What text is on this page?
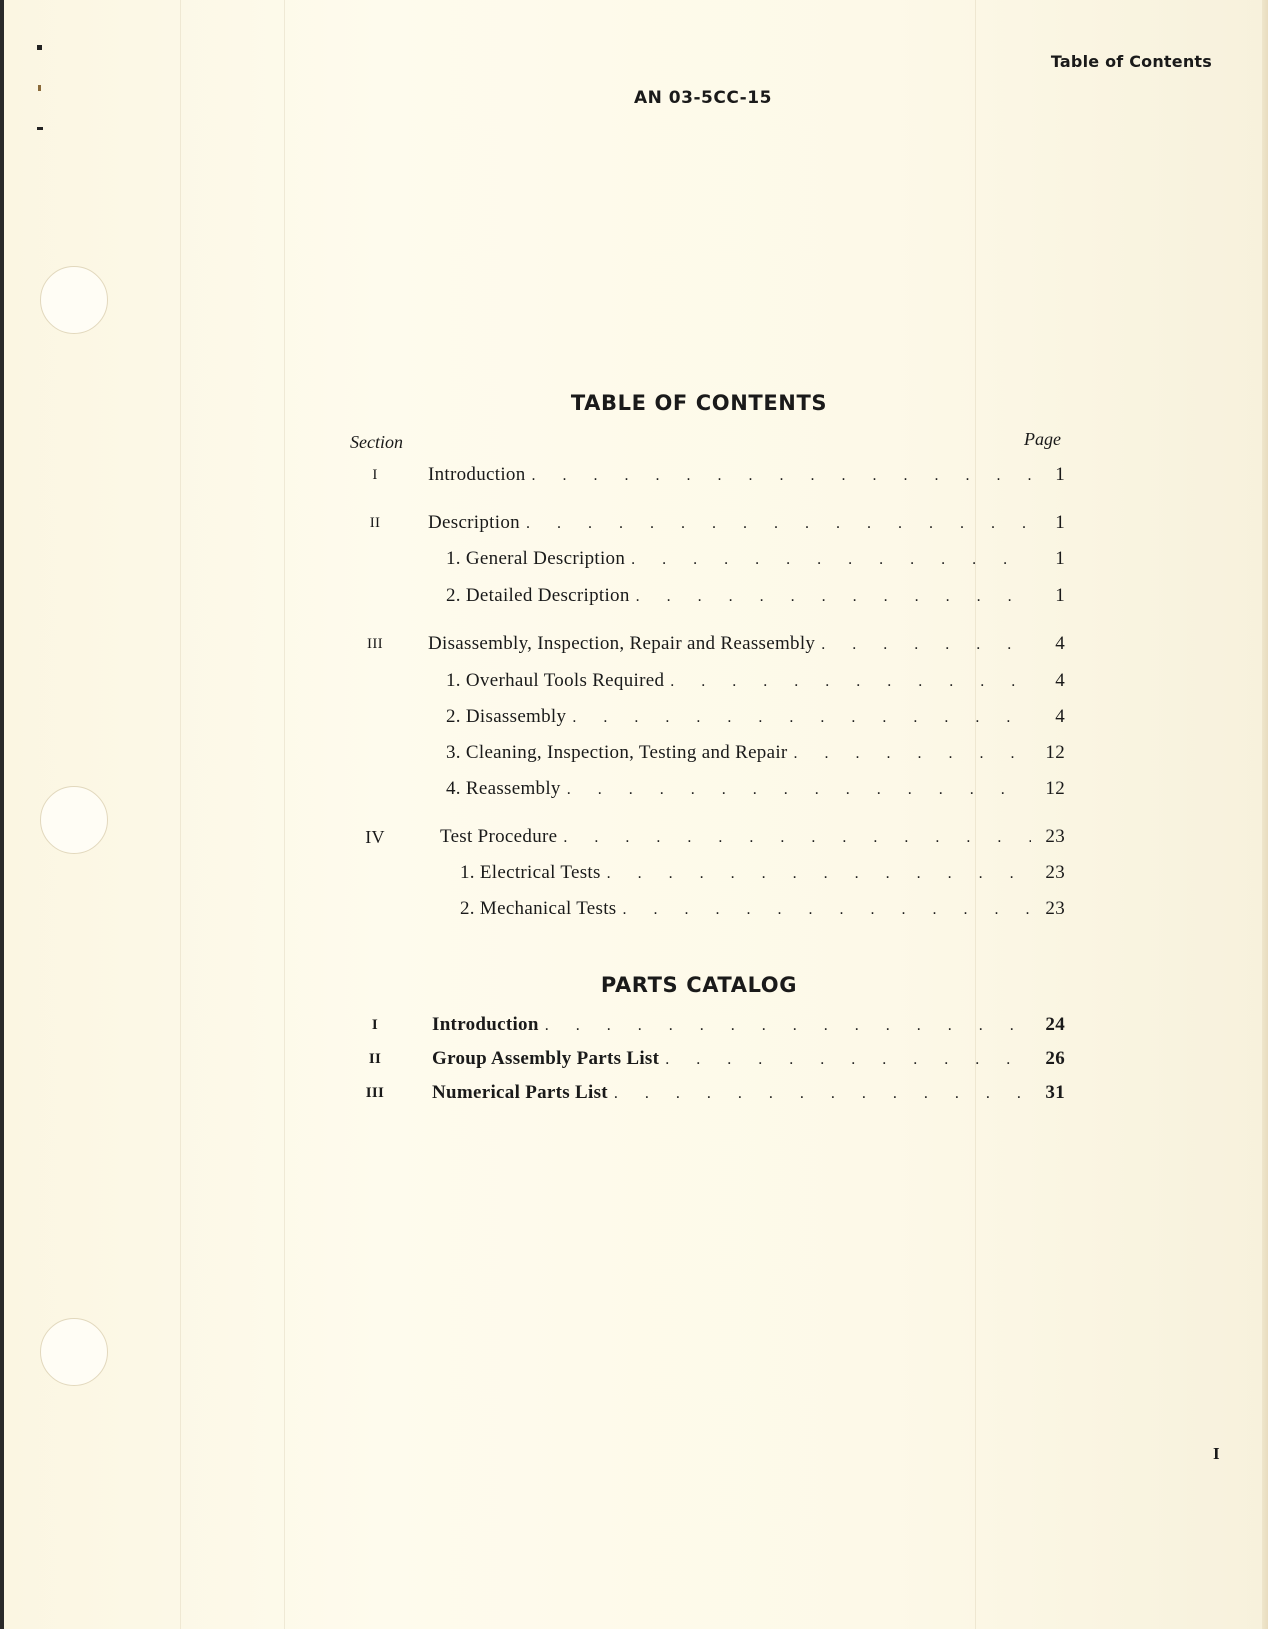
Table of Contents
AN 03-5CC-15
TABLE OF CONTENTS
Section	Page
I	Introduction . . .	1
II	Description . . .	1
1. General Description . . .	1
2. Detailed Description . . .	1
III	Disassembly, Inspection, Repair and Reassembly . . .	4
1. Overhaul Tools Required . . .	4
2. Disassembly . . .	4
3. Cleaning, Inspection, Testing and Repair . . .	12
4. Reassembly . . .	12
IV	Test Procedure . . .	23
1. Electrical Tests . . .	23
2. Mechanical Tests . . .	23
PARTS CATALOG
I	Introduction . . .	24
II	Group Assembly Parts List . . .	26
III	Numerical Parts List . . .	31
I
